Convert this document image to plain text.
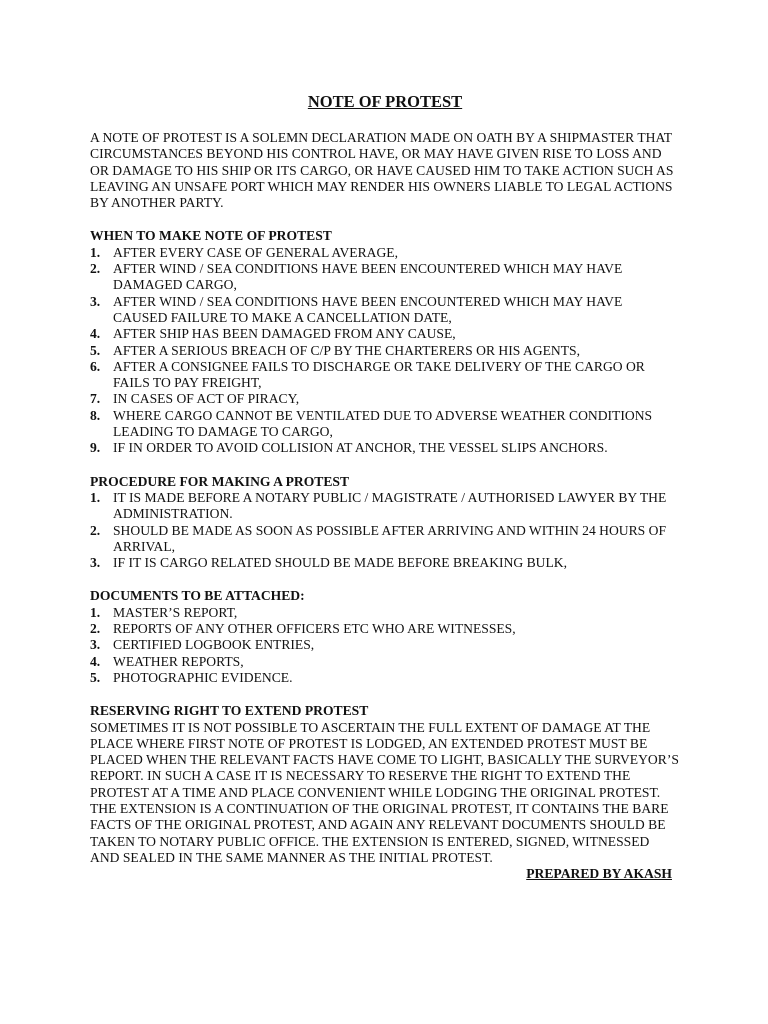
NOTE OF PROTEST

A NOTE OF PROTEST IS A SOLEMN DECLARATION MADE ON OATH BY A SHIPMASTER THAT CIRCUMSTANCES BEYOND HIS CONTROL HAVE, OR MAY HAVE GIVEN RISE TO LOSS AND OR DAMAGE TO HIS SHIP OR ITS CARGO, OR HAVE CAUSED HIM TO TAKE ACTION SUCH AS LEAVING AN UNSAFE PORT WHICH MAY RENDER HIS OWNERS LIABLE TO LEGAL ACTIONS BY ANOTHER PARTY.

WHEN TO MAKE NOTE OF PROTEST
1. AFTER EVERY CASE OF GENERAL AVERAGE,
2. AFTER WIND / SEA CONDITIONS HAVE BEEN ENCOUNTERED WHICH MAY HAVE DAMAGED CARGO,
3. AFTER WIND / SEA CONDITIONS HAVE BEEN ENCOUNTERED WHICH MAY HAVE CAUSED FAILURE TO MAKE A CANCELLATION DATE,
4. AFTER SHIP HAS BEEN DAMAGED FROM ANY CAUSE,
5. AFTER A SERIOUS BREACH OF C/P BY THE CHARTERERS OR HIS AGENTS,
6. AFTER A CONSIGNEE FAILS TO DISCHARGE OR TAKE DELIVERY OF THE CARGO OR FAILS TO PAY FREIGHT,
7. IN CASES OF ACT OF PIRACY,
8. WHERE CARGO CANNOT BE VENTILATED DUE TO ADVERSE WEATHER CONDITIONS LEADING TO DAMAGE TO CARGO,
9. IF IN ORDER TO AVOID COLLISION AT ANCHOR, THE VESSEL SLIPS ANCHORS.
PROCEDURE FOR MAKING A PROTEST
1. IT IS MADE BEFORE A NOTARY PUBLIC / MAGISTRATE / AUTHORISED LAWYER BY THE ADMINISTRATION.
2. SHOULD BE MADE AS SOON AS POSSIBLE AFTER ARRIVING AND WITHIN 24 HOURS OF ARRIVAL,
3. IF IT IS CARGO RELATED SHOULD BE MADE BEFORE BREAKING BULK,
DOCUMENTS TO BE ATTACHED:
1. MASTER’S REPORT,
2. REPORTS OF ANY OTHER OFFICERS ETC WHO ARE WITNESSES,
3. CERTIFIED LOGBOOK ENTRIES,
4. WEATHER REPORTS,
5. PHOTOGRAPHIC EVIDENCE.
RESERVING RIGHT TO EXTEND PROTEST

SOMETIMES IT IS NOT POSSIBLE TO ASCERTAIN THE FULL EXTENT OF DAMAGE AT THE PLACE WHERE FIRST NOTE OF PROTEST IS LODGED, AN EXTENDED PROTEST MUST BE PLACED WHEN THE RELEVANT FACTS HAVE COME TO LIGHT, BASICALLY THE SURVEYOR’S REPORT. IN SUCH A CASE IT IS NECESSARY TO RESERVE THE RIGHT TO EXTEND THE PROTEST AT A TIME AND PLACE CONVENIENT WHILE LODGING THE ORIGINAL PROTEST. THE EXTENSION IS A CONTINUATION OF THE ORIGINAL PROTEST, IT CONTAINS THE BARE FACTS OF THE ORIGINAL PROTEST, AND AGAIN ANY RELEVANT DOCUMENTS SHOULD BE TAKEN TO NOTARY PUBLIC OFFICE. THE EXTENSION IS ENTERED, SIGNED, WITNESSED AND SEALED IN THE SAME MANNER AS THE INITIAL PROTEST.

PREPARED BY AKASH
